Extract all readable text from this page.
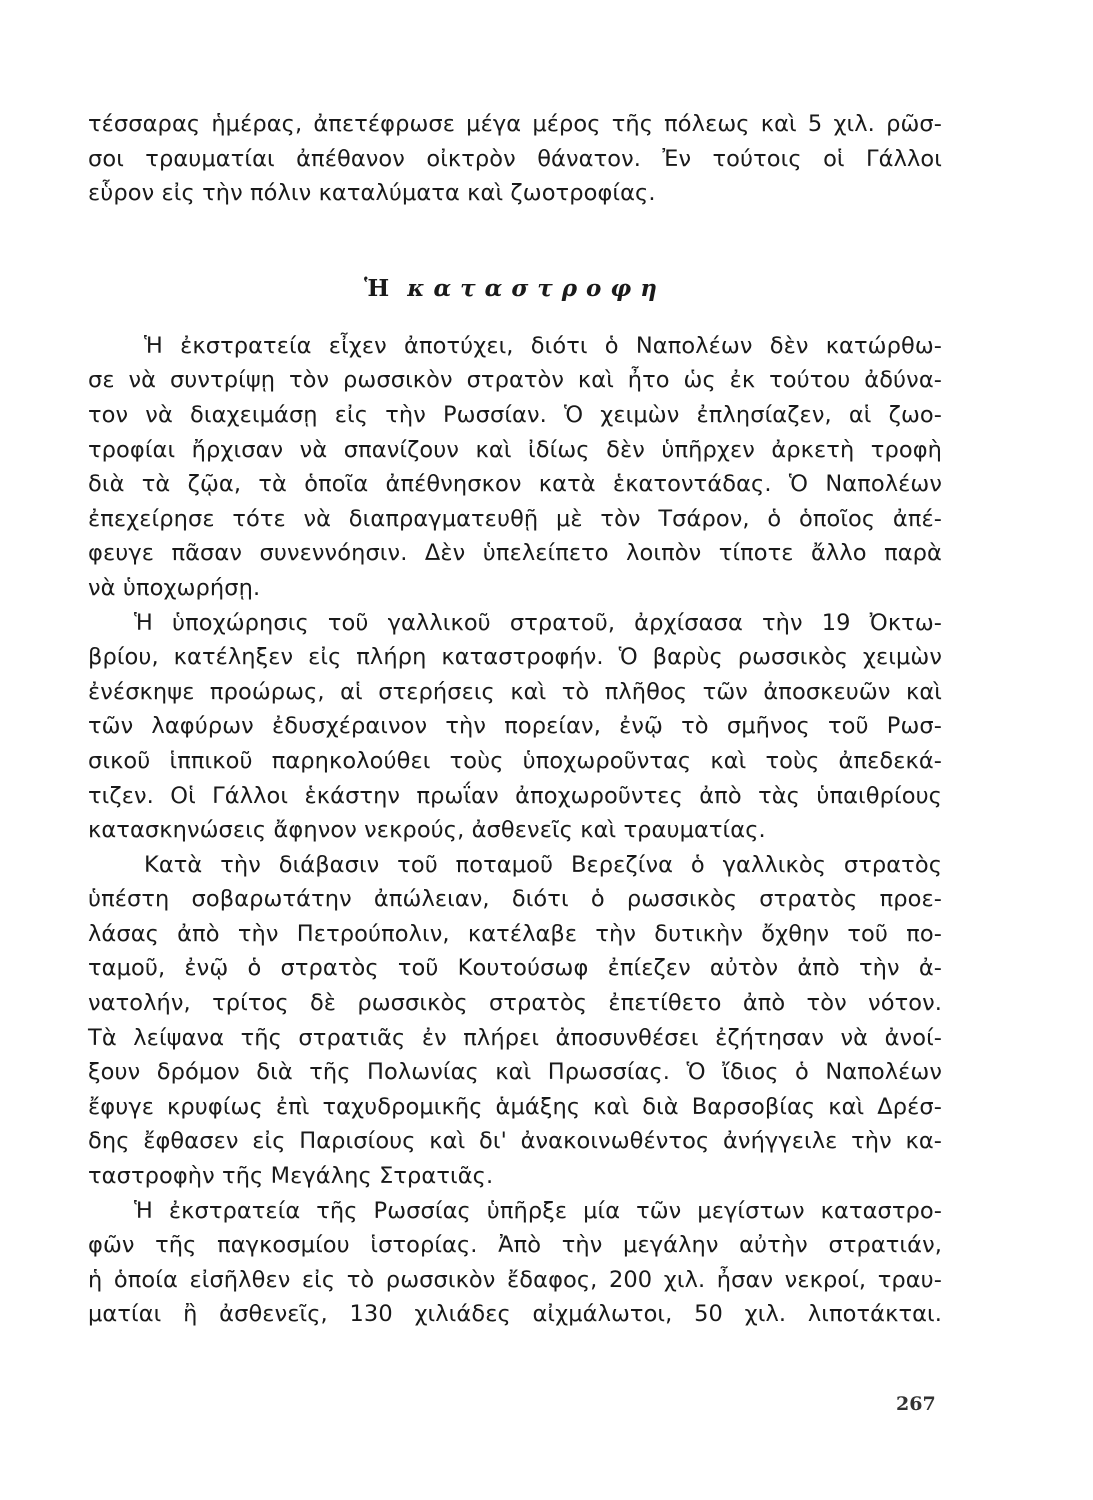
τέσσαρας ἡμέρας, ἀπετέφρωσε μέγα μέρος τῆς πόλεως καὶ 5 χιλ. ρῶσ-
σοι τραυματίαι ἀπέθανον οἰκτρὸν θάνατον. Ἐν τούτοις οἱ Γάλλοι
εὗρον εἰς τὴν πόλιν καταλύματα καὶ ζωοτροφίας.
Ἡ καταστροφη
Ἡ ἐκστρατεία εἶχεν ἀποτύχει, διότι ὁ Ναπολέων δὲν κατώρθω-
σε νὰ συντρίψῃ τὸν ρωσσικὸν στρατὸν καὶ ἦτο ὡς ἐκ τούτου ἀδύνα-
τον νὰ διαχειμάσῃ εἰς τὴν Ρωσσίαν. Ὁ χειμὼν ἐπλησίαζεν, αἱ ζωο-
τροφίαι ἤρχισαν νὰ σπανίζουν καὶ ἰδίως δὲν ὑπῆρχεν ἀρκετὴ τροφὴ
διὰ τὰ ζῷα, τὰ ὁποῖα ἀπέθνησκον κατὰ ἑκατοντάδας. Ὁ Ναπολέων
ἐπεχείρησε τότε νὰ διαπραγματευθῇ μὲ τὸν Τσάρον, ὁ ὁποῖος ἀπέ-
φευγε πᾶσαν συνεννόησιν. Δὲν ὑπελείπετο λοιπὸν τίποτε ἄλλο παρὰ
νὰ ὑποχωρήσῃ.
Ἡ ὑποχώρησις τοῦ γαλλικοῦ στρατοῦ, ἀρχίσασα τὴν 19 Ὀκτω-
βρίου, κατέληξεν εἰς πλήρη καταστροφήν. Ὁ βαρὺς ρωσσικὸς χειμὼν
ἐνέσκηψε προώρως, αἱ στερήσεις καὶ τὸ πλῆθος τῶν ἀποσκευῶν καὶ
τῶν λαφύρων ἐδυσχέραινον τὴν πορείαν, ἐνῷ τὸ σμῆνος τοῦ Ρωσ-
σικοῦ ἱππικοῦ παρηκολούθει τοὺς ὑποχωροῦντας καὶ τοὺς ἀπεδεκά-
τιζεν. Οἱ Γάλλοι ἑκάστην πρωΐαν ἀποχωροῦντες ἀπὸ τὰς ὑπαιθρίους
κατασκηνώσεις ἄφηνον νεκρούς, ἀσθενεῖς καὶ τραυματίας.
Κατὰ τὴν διάβασιν τοῦ ποταμοῦ Βερεζίνα ὁ γαλλικὸς στρατὸς
ὑπέστη σοβαρωτάτην ἀπώλειαν, διότι ὁ ρωσσικὸς στρατὸς προε-
λάσας ἀπὸ τὴν Πετρούπολιν, κατέλαβε τὴν δυτικὴν ὄχθην τοῦ πο-
ταμοῦ, ἐνῷ ὁ στρατὸς τοῦ Κουτούσωφ ἐπίεζεν αὐτὸν ἀπὸ τὴν ἀ-
νατολήν, τρίτος δὲ ρωσσικὸς στρατὸς ἐπετίθετο ἀπὸ τὸν νότον.
Τὰ λείψανα τῆς στρατιᾶς ἐν πλήρει ἀποσυνθέσει ἐζήτησαν νὰ ἀνοί-
ξουν δρόμον διὰ τῆς Πολωνίας καὶ Πρωσσίας. Ὁ ἴδιος ὁ Ναπολέων
ἔφυγε κρυφίως ἐπὶ ταχυδρομικῆς ἁμάξης καὶ διὰ Βαρσοβίας καὶ Δρέσ-
δης ἔφθασεν εἰς Παρισίους καὶ δι' ἀνακοινωθέντος ἀνήγγειλε τὴν κα-
ταστροφὴν τῆς Μεγάλης Στρατιᾶς.
Ἡ ἐκστρατεία τῆς Ρωσσίας ὑπῆρξε μία τῶν μεγίστων καταστρο-
φῶν τῆς παγκοσμίου ἱστορίας. Ἀπὸ τὴν μεγάλην αὐτὴν στρατιάν,
ἡ ὁποία εἰσῆλθεν εἰς τὸ ρωσσικὸν ἔδαφος, 200 χιλ. ἦσαν νεκροί, τραυ-
ματίαι ἢ ἀσθενεῖς, 130 χιλιάδες αἰχμάλωτοι, 50 χιλ. λιποτάκται.
267
